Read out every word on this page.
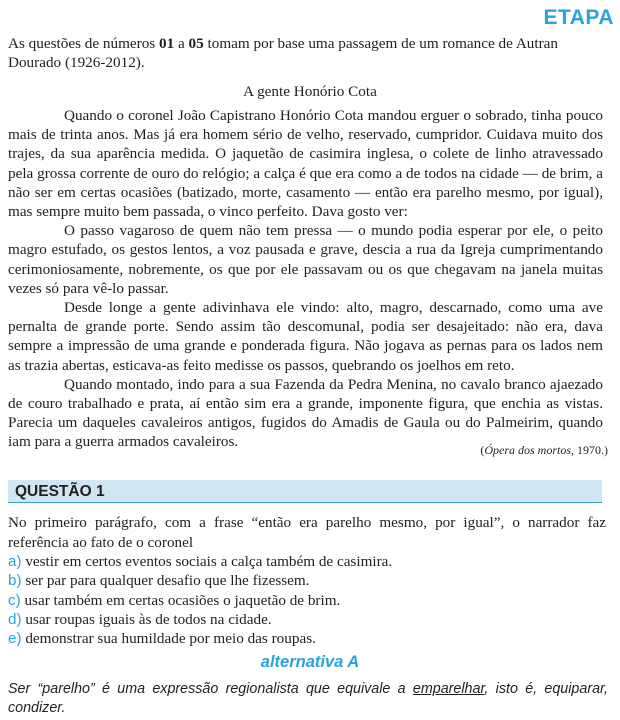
ETAPA

As questões de números 01 a 05 tomam por base uma passagem de um romance de Autran Dourado (1926-2012).

A gente Honório Cota

Quando o coronel João Capistrano Honório Cota mandou erguer o sobrado, tinha pouco mais de trinta anos. Mas já era homem sério de velho, reservado, cumpridor. Cuidava muito dos trajes, da sua aparência medida. O jaquetão de casimira inglesa, o colete de linho atravessado pela grossa corrente de ouro do relógio; a calça é que era como a de todos na cidade — de brim, a não ser em certas ocasiões (batizado, morte, casamento — então era parelho mesmo, por igual), mas sempre muito bem passada, o vinco perfeito. Dava gosto ver:

O passo vagaroso de quem não tem pressa — o mundo podia esperar por ele, o peito magro estufado, os gestos lentos, a voz pausada e grave, descia a rua da Igreja cumprimentando cerimoniosamente, nobremente, os que por ele passavam ou os que chegavam na janela muitas vezes só para vê-lo passar.

Desde longe a gente adivinhava ele vindo: alto, magro, descarnado, como uma ave pernalta de grande porte. Sendo assim tão descomunal, podia ser desajeitado: não era, dava sempre a impressão de uma grande e ponderada figura. Não jogava as pernas para os lados nem as trazia abertas, esticava-as feito medisse os passos, quebrando os joelhos em reto.

Quando montado, indo para a sua Fazenda da Pedra Menina, no cavalo branco ajaezado de couro trabalhado e prata, aí então sim era a grande, imponente figura, que enchia as vistas. Parecia um daqueles cavaleiros antigos, fugidos do Amadis de Gaula ou do Palmeirim, quando iam para a guerra armados cavaleiros.	(Ópera dos mortos, 1970.)
QUESTÃO 1

No primeiro parágrafo, com a frase “então era parelho mesmo, por igual”, o narrador faz referência ao fato de o coronel

a) vestir em certos eventos sociais a calça também de casimira.
b) ser par para qualquer desafio que lhe fizessem.
c) usar também em certas ocasiões o jaquetão de brim.
d) usar roupas iguais às de todos na cidade.
e) demonstrar sua humildade por meio das roupas.
alternativa A

Ser “parelho” é uma expressão regionalista que equivale a emparelhar, isto é, equiparar, condizer.
